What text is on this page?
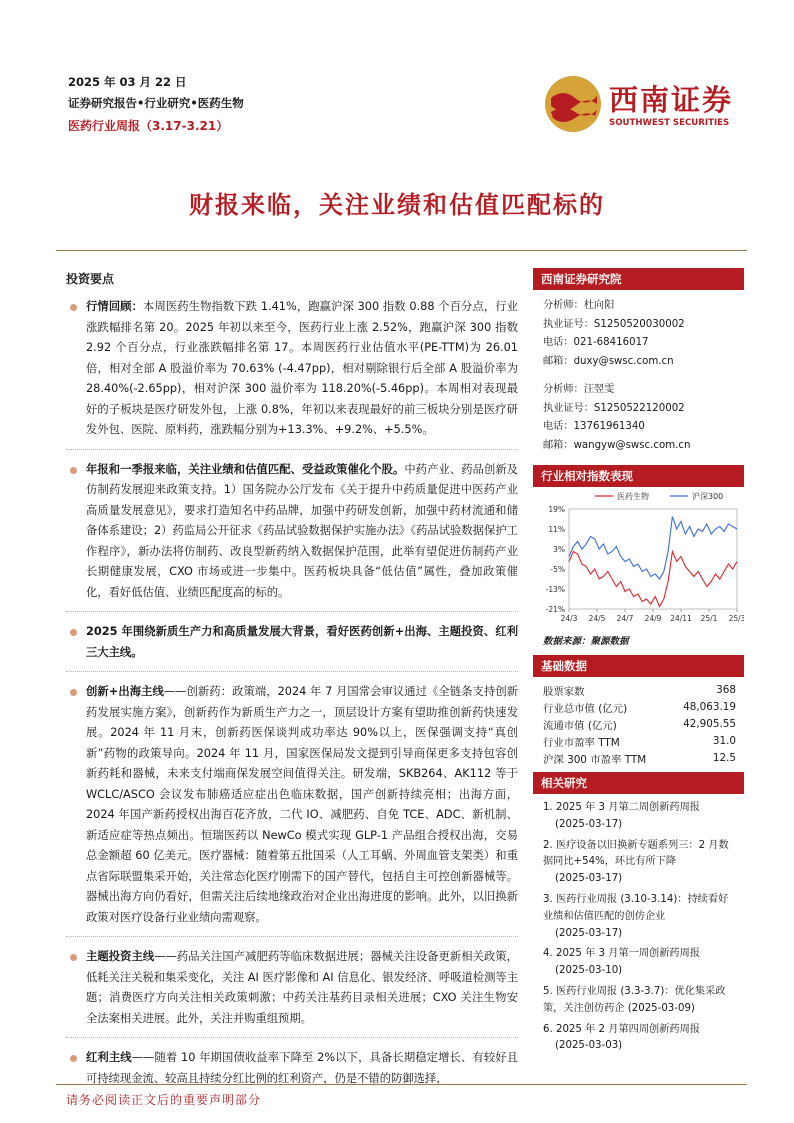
2025 年 03 月 22 日
证券研究报告•行业研究•医药生物
医药行业周报（3.17-3.21）
西南证券
SOUTHWEST SECURITIES
财报来临，关注业绩和估值匹配标的
投资要点
行情回顾：本周医药生物指数下跌 1.41%，跑赢沪深 300 指数 0.88 个百分点，行业涨跌幅排名第 20。2025 年初以来至今，医药行业上涨 2.52%，跑赢沪深 300 指数 2.92 个百分点，行业涨跌幅排名第 17。本周医药行业估值水平(PE-TTM)为 26.01 倍，相对全部 A 股溢价率为 70.63% (-4.47pp)，相对剔除银行后全部 A 股溢价率为 28.40%(-2.65pp)，相对沪深 300 溢价率为 118.20%(-5.46pp)。本周相对表现最好的子板块是医疗研发外包，上涨 0.8%，年初以来表现最好的前三板块分别是医疗研发外包、医院、原料药，涨跌幅分别为+13.3%、+9.2%、+5.5%。
年报和一季报来临，关注业绩和估值匹配、受益政策催化个股。中药产业、药品创新及仿制药发展迎来政策支持。1）国务院办公厅发布《关于提升中药质量促进中医药产业高质量发展意见》，要求打造知名中药品牌，加强中药研发创新，加强中药材流通和储备体系建设；2）药监局公开征求《药品试验数据保护实施办法》《药品试验数据保护工作程序》，新办法将仿制药、改良型新药纳入数据保护范围，此举有望促进仿制药产业长期健康发展，CXO 市场或进一步集中。医药板块具备“低估值”属性，叠加政策催化，看好低估值、业绩匹配度高的标的。
2025 年围绕新质生产力和高质量发展大背景，看好医药创新+出海、主题投资、红利三大主线。
创新+出海主线——创新药：政策端，2024 年 7 月国常会审议通过《全链条支持创新药发展实施方案》，创新药作为新质生产力之一，顶层设计方案有望助推创新药快速发展。2024 年 11 月末，创新药医保谈判成功率达 90%以上，医保强调支持“真创新”药物的政策导向。2024 年 11 月，国家医保局发文提到引导商保更多支持包容创新药耗和器械，未来支付端商保发展空间值得关注。研发端，SKB264、AK112 等于 WCLC/ASCO 会议发布肺癌适应症出色临床数据，国产创新持续亮相；出海方面，2024 年国产新药授权出海百花齐放，二代 IO、减肥药、自免 TCE、ADC、新机制、新适应症等热点频出。恒瑞医药以 NewCo 模式实现 GLP-1 产品组合授权出海，交易总金额超 60 亿美元。医疗器械：随着第五批国采（人工耳蜗、外周血管支架类）和重点省际联盟集采开始，关注常态化医疗刚需下的国产替代，包括自主可控创新器械等。器械出海方向仍看好，但需关注后续地缘政治对企业出海进度的影响。此外，以旧换新政策对医疗设备行业业绩向需观察。
主题投资主线——药品关注国产减肥药等临床数据进展；器械关注设备更新相关政策，低耗关注关税和集采变化，关注 AI 医疗影像和 AI 信息化、银发经济、呼吸道检测等主题；消费医疗方向关注相关政策刺激；中药关注基药目录相关进展；CXO 关注生物安全法案相关进展。此外，关注并购重组预期。
红利主线——随着 10 年期国债收益率下降至 2%以下，具备长期稳定增长、有较好且可持续现金流、较高且持续分红比例的红利资产，仍是不错的防御选择，
西南证券研究院
分析师：杜向阳
执业证号：S1250520030002
电话：021-68416017
邮箱：duxy@swsc.com.cn
分析师：汪翌雯
执业证号：S1250522120002
电话：13761961340
邮箱：wangyw@swsc.com.cn
行业相对指数表现
19%
11%
3%
-5%
-13%
-21%
24/3 24/5 24/7 24/9 24/11 25/1 25/3
医药生物	沪深300
数据来源：聚源数据
基础数据
股票家数	368
行业总市值 (亿元)	48,063.19
流通市值 (亿元)	42,905.55
行业市盈率 TTM	31.0
沪深 300 市盈率 TTM	12.5
相关研究
1. 2025 年 3 月第二周创新药周报
(2025-03-17)
2. 医疗设备以旧换新专题系列三：2 月数据同比+54%，环比有所下降
(2025-03-17)
3. 医药行业周报 (3.10-3.14)：持续看好业绩和估值匹配的创仿企业
(2025-03-17)
4. 2025 年 3 月第一周创新药周报
(2025-03-10)
5. 医药行业周报 (3.3-3.7)：优化集采政策，关注创仿药企 (2025-03-09)
6. 2025 年 2 月第四周创新药周报
(2025-03-03)
请务必阅读正文后的重要声明部分
